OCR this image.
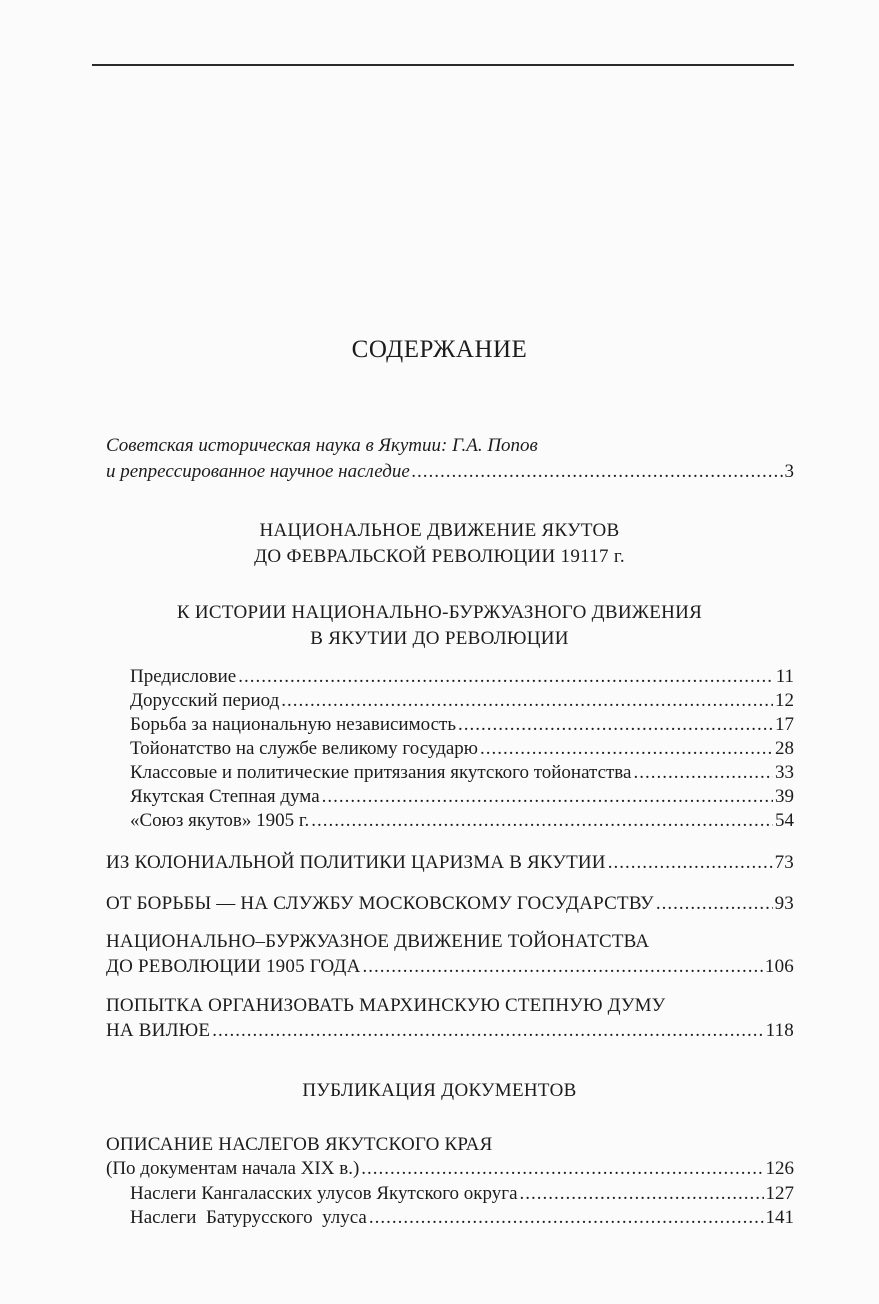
СОДЕРЖАНИЕ
Советская историческая наука в Якутии: Г.А. Попов
и репрессированное научное наследие .....	3
НАЦИОНАЛЬНОЕ ДВИЖЕНИЕ ЯКУТОВ
ДО ФЕВРАЛЬСКОЙ РЕВОЛЮЦИИ 19117 г.
К ИСТОРИИ НАЦИОНАЛЬНО-БУРЖУАЗНОГО ДВИЖЕНИЯ
В ЯКУТИИ ДО РЕВОЛЮЦИИ
Предисловие .....	11
Дорусский период .....	12
Борьба за национальную независимость .....	17
Тойонатство на службе великому государю .....	28
Классовые и политические притязания якутского тойонатства .....	33
Якутская Степная дума .....	39
«Союз якутов» 1905 г. .....	54
ИЗ КОЛОНИАЛЬНОЙ ПОЛИТИКИ ЦАРИЗМА В ЯКУТИИ .....	73
ОТ БОРЬБЫ — НА СЛУЖБУ МОСКОВСКОМУ ГОСУДАРСТВУ .....	93
НАЦИОНАЛЬНО–БУРЖУАЗНОЕ ДВИЖЕНИЕ ТОЙОНАТСТВА
ДО РЕВОЛЮЦИИ 1905 ГОДА .....	106
ПОПЫТКА ОРГАНИЗОВАТЬ МАРХИНСКУЮ СТЕПНУЮ ДУМУ
НА ВИЛЮЕ .....	118
ПУБЛИКАЦИЯ ДОКУМЕНТОВ
ОПИСАНИЕ НАСЛЕГОВ ЯКУТСКОГО КРАЯ
(По документам начала XIX в.) .....	126
Наслеги Кангаласских улусов Якутского округа .....	127
Наслеги  Батурусского  улуса .....	141
